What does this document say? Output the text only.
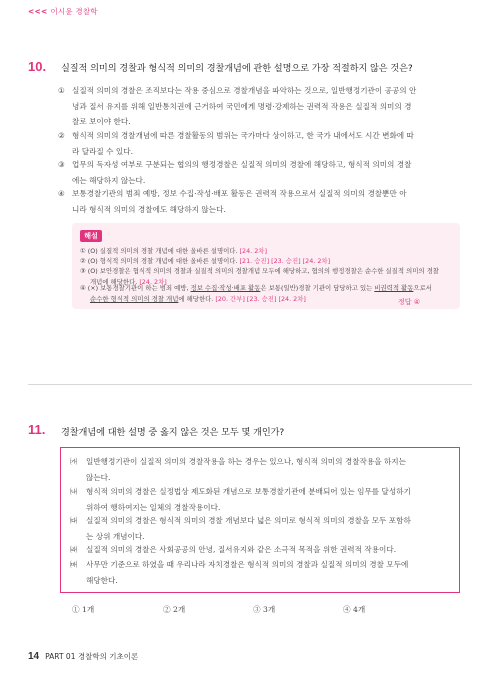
<<< 이시윤 경찰학
10. 실질적 의미의 경찰과 형식적 의미의 경찰개념에 관한 설명으로 가장 적절하지 않은 것은?
① 실질적 의미의 경찰은 조직보다는 작용 중심으로 경찰개념을 파악하는 것으로, 일반행정기관이 공공의 안
녕과 질서 유지를 위해 일반통치권에 근거하여 국민에게 명령·강제하는 권력적 작용은 실질적 의미의 경
찰로 보이야 한다.
② 형식적 의미의 경찰개념에 따른 경찰활동의 범위는 국가마다 상이하고, 한 국가 내에서도 시간 변화에 따
라 달라질 수 있다.
③ 업무의 독자성 여부로 구분되는 협의의 행정경찰은 실질적 의미의 경찰에 해당하고, 형식적 의미의 경찰
에는 해당하지 않는다.
④ 보통경찰기관의 범죄 예방, 정보 수집·작성·배포 활동은 권력적 작용으로서 실질적 의미의 경찰뿐만 아
니라 형식적 의미의 경찰에도 해당하지 않는다.
해설
① (O) 실질적 의미의 경찰 개념에 대한 올바른 설명이다. [24. 2차]
② (O) 형식적 의미의 경찰 개념에 대한 올바른 설명이다. [21. 승진] [23. 승진] [24. 2차]
③ (O) 보안경찰은 협식적 의미의 경찰과 실질적 의미의 경찰개념 모두에 해당하고, 협의의 행정경찰은 순수한 실질적 의미의 경찰
개념에 해당한다. [24. 2차]
④ (×) 보통경찰기관이 하는 범죄 예방, 정보 수집·작성·배포 활동은 보통(일반)경찰 기관이 담당하고 있는 비권력적 활동으로서
순수한 형식적 의미의 경찰 개념에 해당한다. [20. 간부] [23. 승진] [24. 2차]	정답 ④
11. 경찰개념에 대한 설명 중 옳지 않은 것은 모두 몇 개인가?
㈎ 일반행정기관이 실질적 의미의 경찰작용을 하는 경우는 있으나, 형식적 의미의 경찰작용을 하지는
않는다.
㈏ 형식적 의미의 경찰은 실정법상 제도화된 개념으로 보통경찰기관에 분배되어 있는 임무를 달성하기
위하여 행하여지는 일체의 경찰작용이다.
㈐ 실질적 의미의 경찰은 형식적 의미의 경찰 개념보다 넓은 의미로 형식적 의미의 경찰을 모두 포함하
는 상위 개념이다.
㈑ 실질적 의미의 경찰은 사회공공의 안녕, 질서유지와 같은 소극적 목적을 위한 권력적 작용이다.
㈒ 사무만 기준으로 하였을 때 우리나라 자치경찰은 형식적 의미의 경찰과 실질적 의미의 경찰 모두에
해당한다.
① 1개	② 2개	③ 3개	④ 4개
14 PART 01 경찰학의 기초이론
